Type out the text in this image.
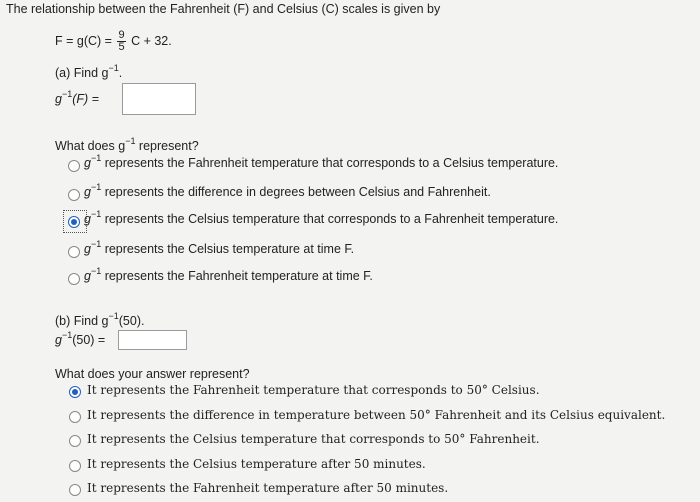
The relationship between the Fahrenheit (F) and Celsius (C) scales is given by
$F = g(C) = \frac{9}{5}$ C + 32.
(a) Find $g^{-1}$.
$g^{-1}(F)$ =
What does $g^{-1}$ represent?
$g^{-1}$ represents the Fahrenheit temperature that corresponds to a Celsius temperature.
$g^{-1}$ represents the difference in degrees between Celsius and Fahrenheit.
$g^{-1}$ represents the Celsius temperature that corresponds to a Fahrenheit temperature.
$g^{-1}$ represents the Celsius temperature at time F.
$g^{-1}$ represents the Fahrenheit temperature at time F.
(b) Find $g^{-1}(50)$.
$g^{-1}(50)$ =
What does your answer represent?
It represents the Fahrenheit temperature that corresponds to 50° Celsius.
It represents the difference in temperature between 50° Fahrenheit and its Celsius equivalent.
It represents the Celsius temperature that corresponds to 50° Fahrenheit.
It represents the Celsius temperature after 50 minutes.
It represents the Fahrenheit temperature after 50 minutes.
